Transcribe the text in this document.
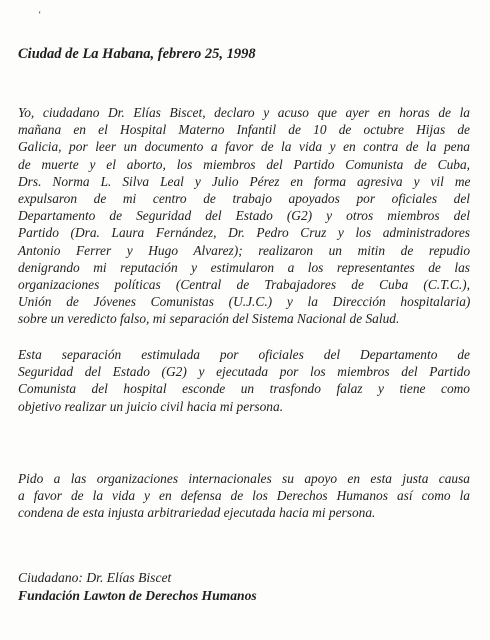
‘
Ciudad de La Habana, febrero 25, 1998
Yo, ciudadano Dr. Elías Biscet, declaro y acuso que ayer en horas de la
mañana en el Hospital Materno Infantil de 10 de octubre Hijas de
Galicia, por leer un documento a favor de la vida y en contra de la pena
de muerte y el aborto, los miembros del Partido Comunista de Cuba,
Drs. Norma L. Silva Leal y Julio Pérez en forma agresiva y vil me
expulsaron de mi centro de trabajo apoyados por oficiales del
Departamento de Seguridad del Estado (G2) y otros miembros del
Partido (Dra. Laura Fernández, Dr. Pedro Cruz y los administradores
Antonio Ferrer y Hugo Alvarez); realizaron un mitin de repudio
denigrando mi reputación y estimularon a los representantes de las
organizaciones políticas (Central de Trabajadores de Cuba (C.T.C.),
Unión de Jóvenes Comunistas (U.J.C.) y la Dirección hospitalaria)
sobre un veredicto falso, mi separación del Sistema Nacional de Salud.
Esta separación estimulada por oficiales del Departamento de
Seguridad del Estado (G2) y ejecutada por los miembros del Partido
Comunista del hospital esconde un trasfondo falaz y tiene como
objetivo realizar un juicio civil hacia mi persona.
Pido a las organizaciones internacionales su apoyo en esta justa causa
a favor de la vida y en defensa de los Derechos Humanos así como la
condena de esta injusta arbitrariedad ejecutada hacia mi persona.
Ciudadano: Dr. Elías Biscet
Fundación Lawton de Derechos Humanos
